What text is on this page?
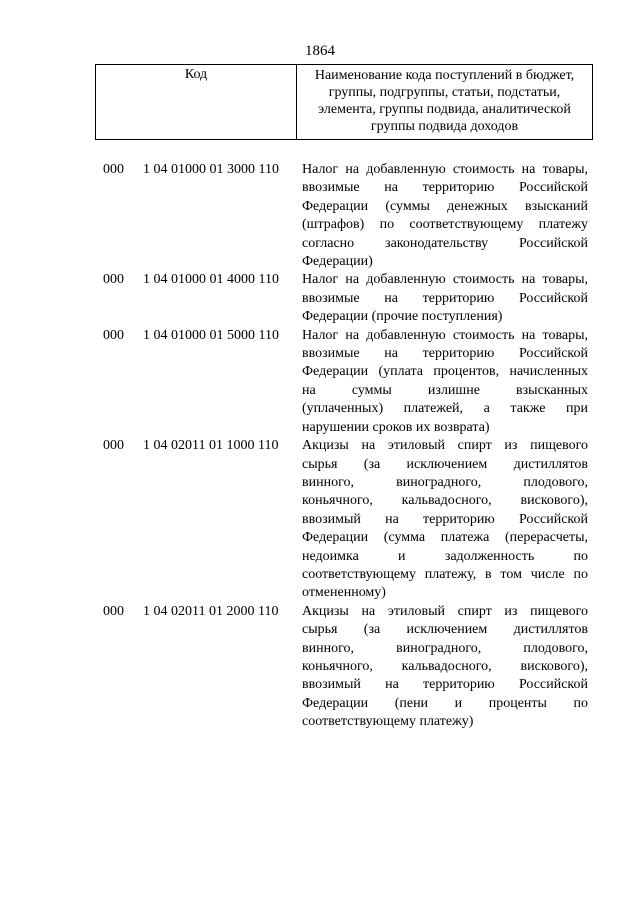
1864
Код	Наименование кода поступлений в бюджет, группы, подгруппы, статьи, подстатьи, элемента, группы подвида, аналитической группы подвида доходов
000 1 04 01000 01 3000 110 Налог на добавленную стоимость на товары,
ввозимые на территорию Российской
Федерации (суммы денежных взысканий
(штрафов) по соответствующему платежу
согласно законодательству Российской
Федерации)
000 1 04 01000 01 4000 110 Налог на добавленную стоимость на товары,
ввозимые на территорию Российской
Федерации (прочие поступления)
000 1 04 01000 01 5000 110 Налог на добавленную стоимость на товары,
ввозимые на территорию Российской
Федерации (уплата процентов, начисленных
на суммы излишне взысканных
(уплаченных) платежей, а также при
нарушении сроков их возврата)
000 1 04 02011 01 1000 110 Акцизы на этиловый спирт из пищевого
сырья (за исключением дистиллятов
винного, виноградного, плодового,
коньячного, кальвадосного, вискового),
ввозимый на территорию Российской
Федерации (сумма платежа (перерасчеты,
недоимка и задолженность по
соответствующему платежу, в том числе по
отмененному)
000 1 04 02011 01 2000 110 Акцизы на этиловый спирт из пищевого
сырья (за исключением дистиллятов
винного, виноградного, плодового,
коньячного, кальвадосного, вискового),
ввозимый на территорию Российской
Федерации (пени и проценты по
соответствующему платежу)
